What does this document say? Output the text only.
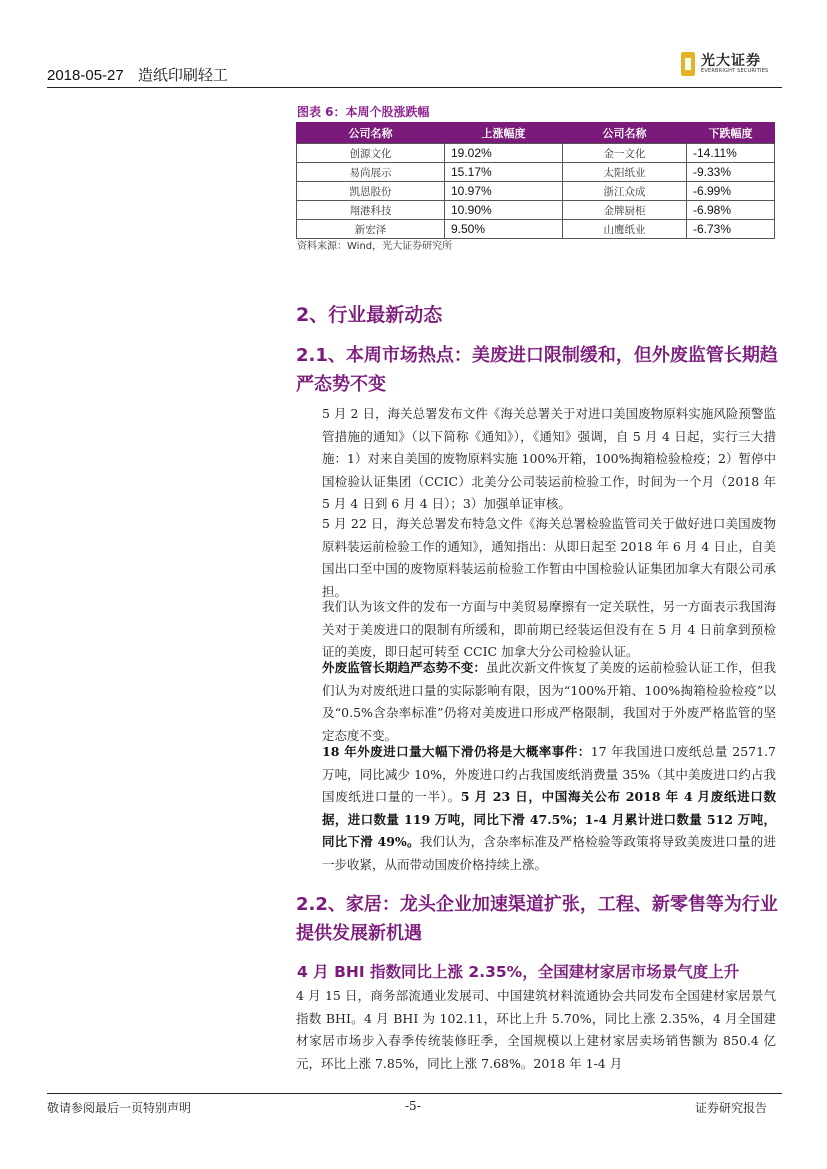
2018-05-27 造纸印刷轻工
光大证券
EVERBRIGHT SECURITIES
图表 6：本周个股涨跌幅
公司名称	上涨幅度	公司名称	下跌幅度
创源文化	19.02%	金一文化	-14.11%
易尚展示	15.17%	太阳纸业	-9.33%
凯恩股份	10.97%	浙江众成	-6.99%
翔港科技	10.90%	金牌厨柜	-6.98%
新宏泽	9.50%	山鹰纸业	-6.73%
资料来源：Wind，光大证券研究所
2、行业最新动态
2.1、本周市场热点：美废进口限制缓和，但外废监管长期趋严态势不变
5 月 2 日，海关总署发布文件《海关总署关于对进口美国废物原料实施风险预警监管措施的通知》（以下简称《通知》），《通知》强调，自 5 月 4 日起，实行三大措施：1）对来自美国的废物原料实施 100%开箱，100%掏箱检验检疫；2）暂停中国检验认证集团（CCIC）北美分公司装运前检验工作，时间为一个月（2018 年 5 月 4 日到 6 月 4 日）；3）加强单证审核。
5 月 22 日，海关总署发布特急文件《海关总署检验监管司关于做好进口美国废物原料装运前检验工作的通知》，通知指出：从即日起至 2018 年 6 月 4 日止，自美国出口至中国的废物原料装运前检验工作暂由中国检验认证集团加拿大有限公司承担。
我们认为该文件的发布一方面与中美贸易摩擦有一定关联性，另一方面表示我国海关对于美废进口的限制有所缓和，即前期已经装运但没有在 5 月 4 日前拿到预检证的美废，即日起可转至 CCIC 加拿大分公司检验认证。
外废监管长期趋严态势不变：虽此次新文件恢复了美废的运前检验认证工作，但我们认为对废纸进口量的实际影响有限，因为“100%开箱、100%掏箱检验检疫”以及“0.5%含杂率标准”仍将对美废进口形成严格限制，我国对于外废严格监管的坚定态度不变。
18 年外废进口量大幅下滑仍将是大概率事件：17 年我国进口废纸总量 2571.7 万吨，同比减少 10%，外废进口约占我国废纸消费量 35%（其中美废进口约占我国废纸进口量的一半）。5 月 23 日，中国海关公布 2018 年 4 月废纸进口数据，进口数量 119 万吨，同比下滑 47.5%；1-4 月累计进口数量 512 万吨，同比下滑 49%。我们认为，含杂率标准及严格检验等政策将导致美废进口量的进一步收紧，从而带动国废价格持续上涨。
2.2、家居：龙头企业加速渠道扩张，工程、新零售等为行业提供发展新机遇
4 月 BHI 指数同比上涨 2.35%，全国建材家居市场景气度上升
4 月 15 日，商务部流通业发展司、中国建筑材料流通协会共同发布全国建材家居景气指数 BHI。4 月 BHI 为 102.11，环比上升 5.70%，同比上涨 2.35%，4 月全国建材家居市场步入春季传统装修旺季，全国规模以上建材家居卖场销售额为 850.4 亿元，环比上涨 7.85%，同比上涨 7.68%。2018 年 1-4 月
敬请参阅最后一页特别声明	-5-	证券研究报告
